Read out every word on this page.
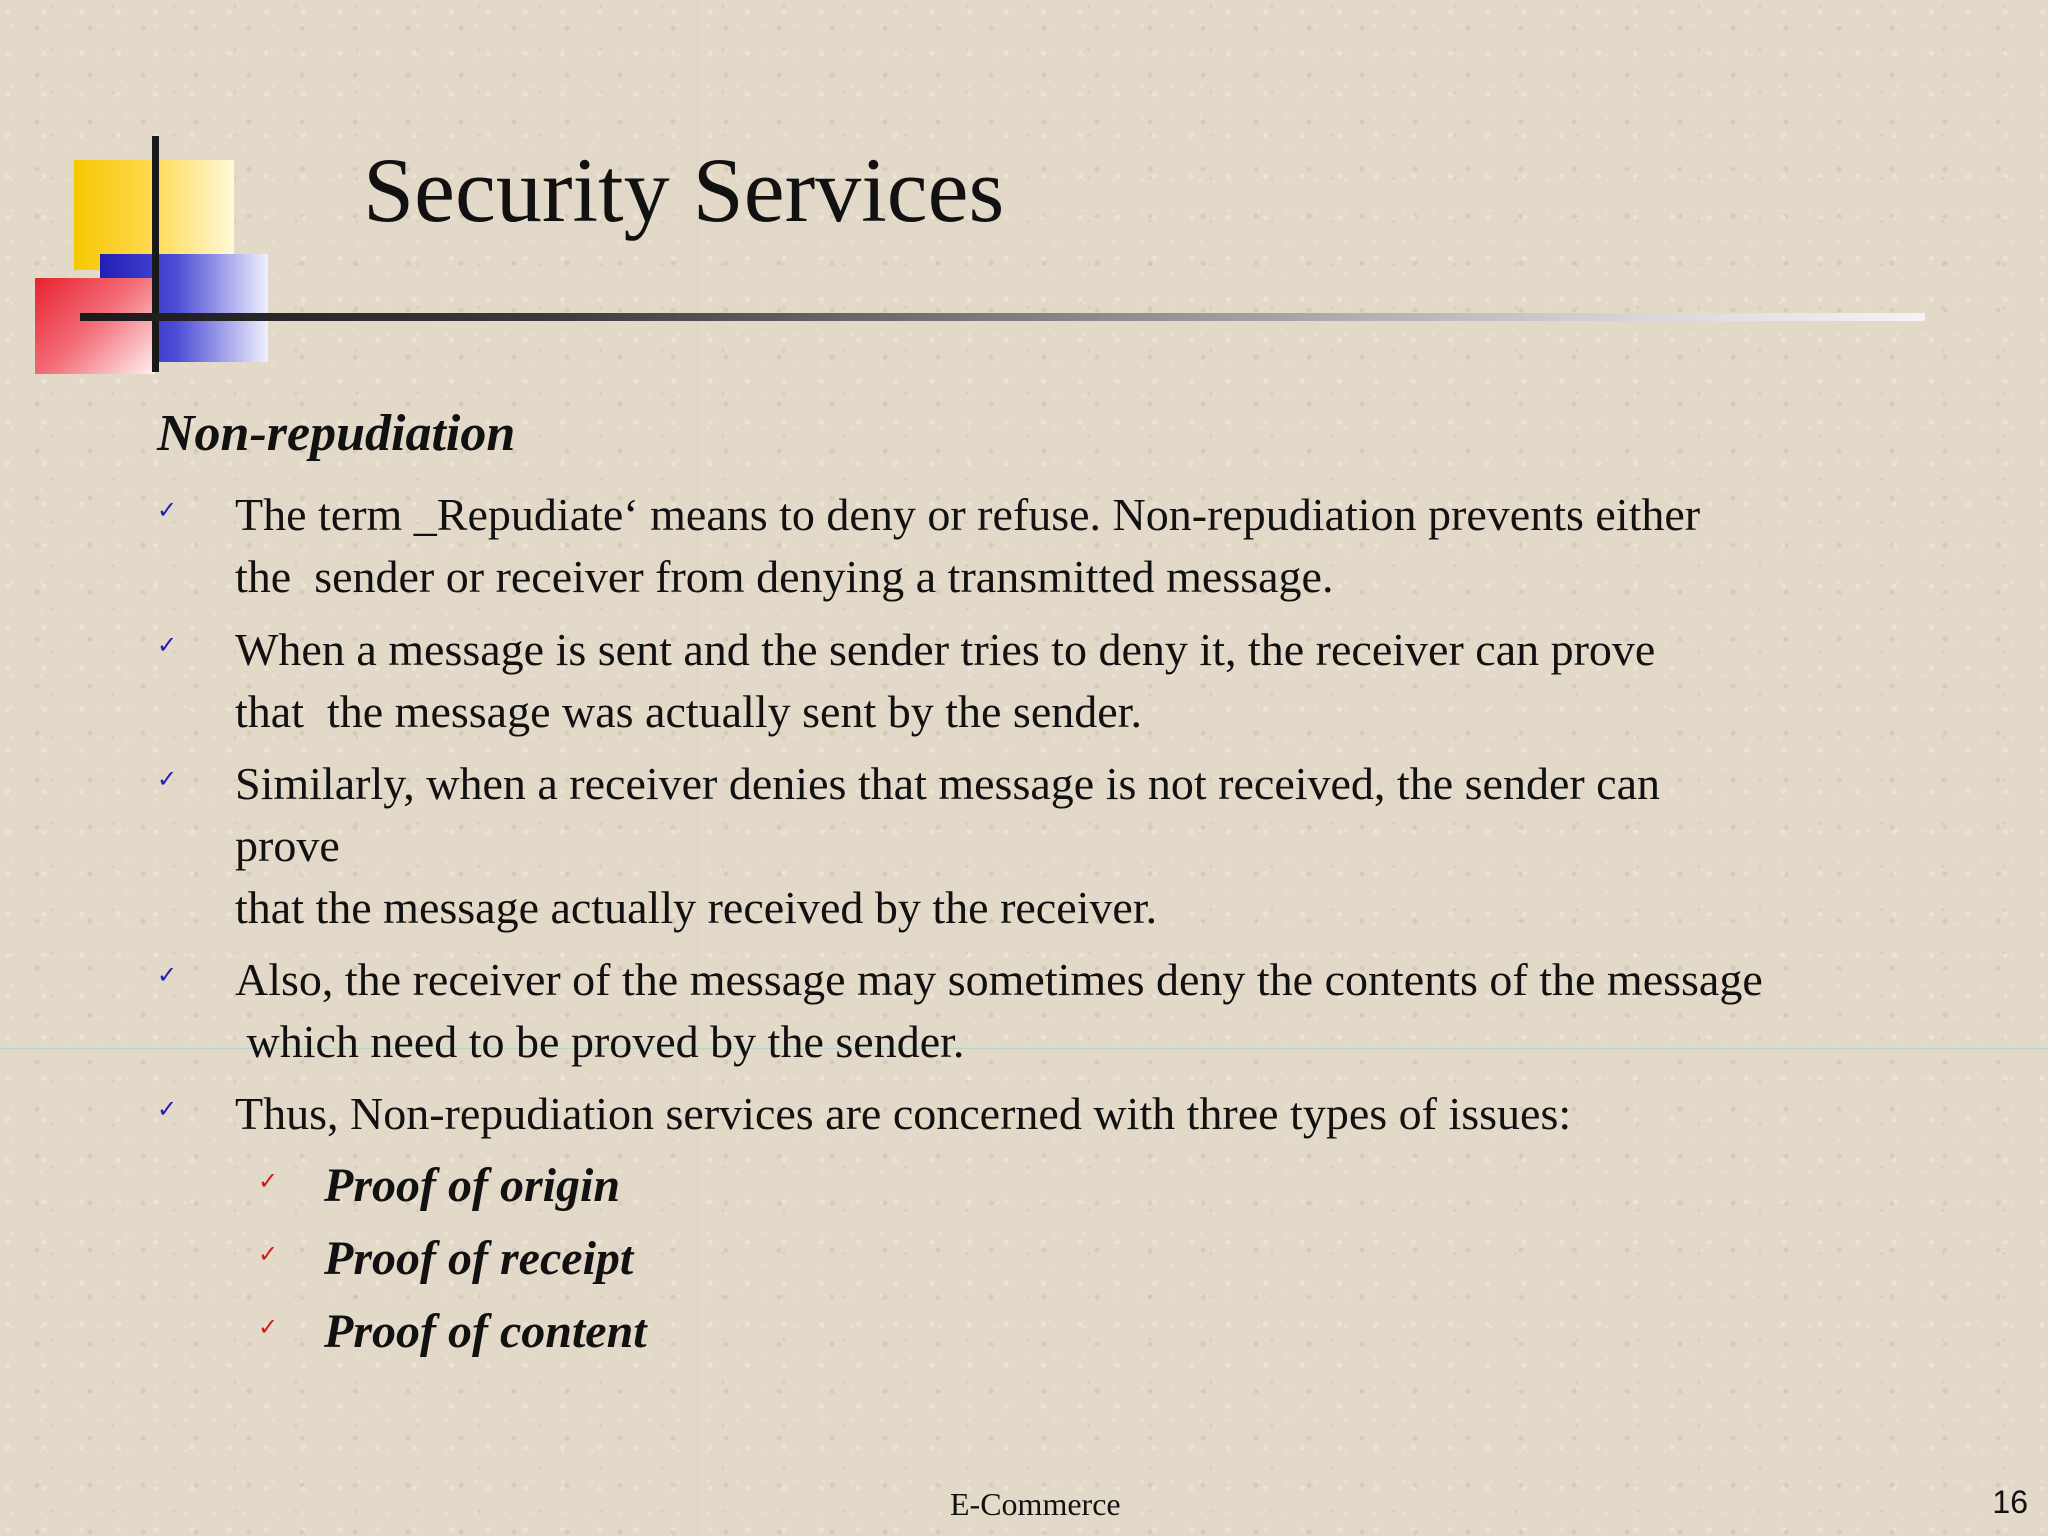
Security Services
Non-repudiation
✓ The term _Repudiate‘ means to deny or refuse. Non-repudiation prevents either
the  sender or receiver from denying a transmitted message.
✓ When a message is sent and the sender tries to deny it, the receiver can prove
that  the message was actually sent by the sender.
✓ Similarly, when a receiver denies that message is not received, the sender can
prove
that the message actually received by the receiver.
✓ Also, the receiver of the message may sometimes deny the contents of the message
which need to be proved by the sender.
✓ Thus, Non-repudiation services are concerned with three types of issues:
✓ Proof of origin
✓ Proof of receipt
✓ Proof of content
E-Commerce	16
